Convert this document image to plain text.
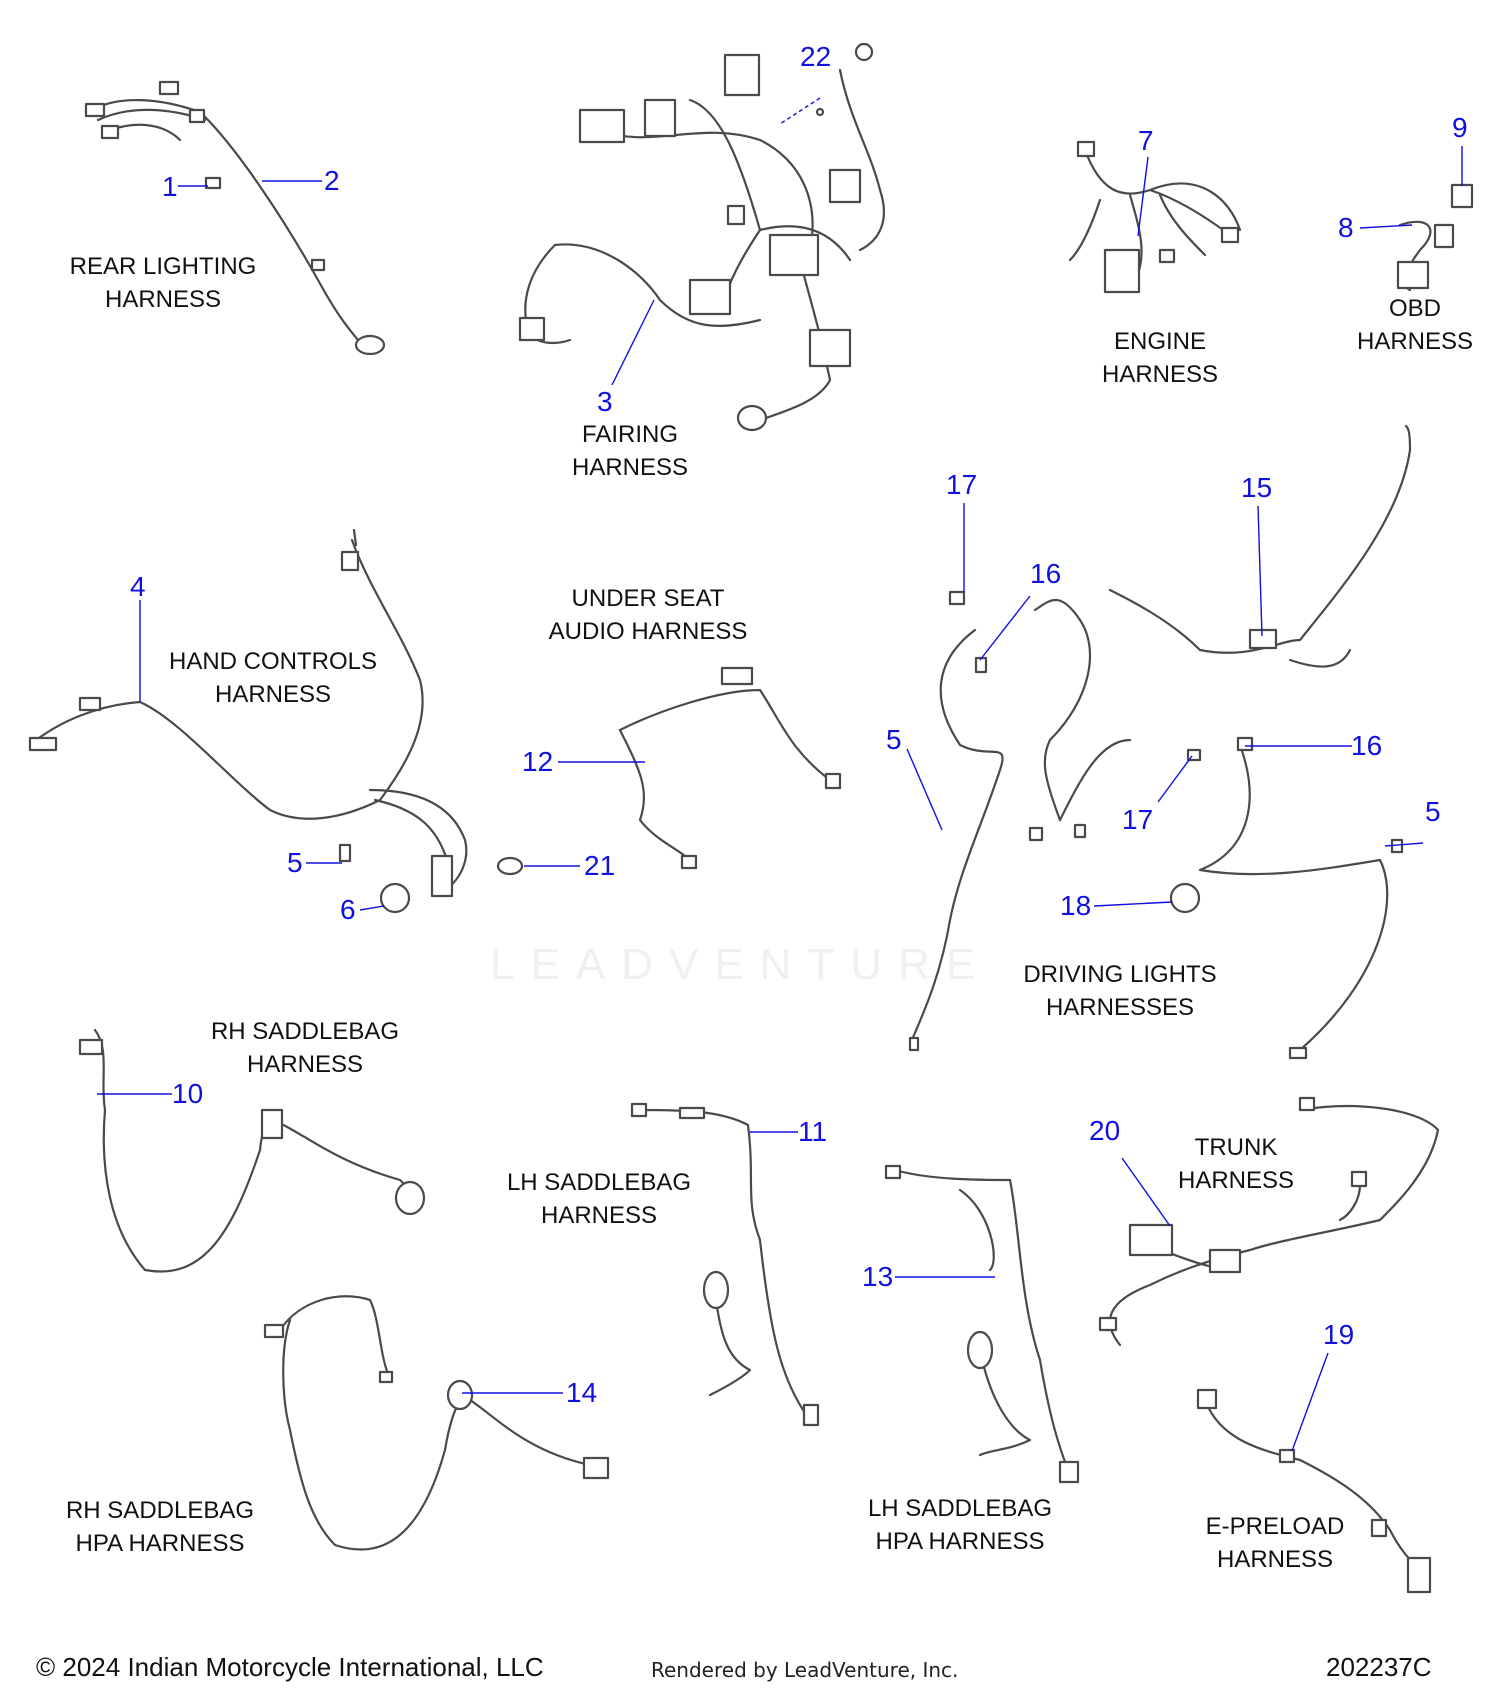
REAR LIGHTING
HARNESS
FAIRING
HARNESS
ENGINE
HARNESS
OBD
HARNESS
HAND CONTROLS
HARNESS
UNDER SEAT
AUDIO HARNESS
DRIVING LIGHTS
HARNESSES
RH SADDLEBAG
HARNESS
LH SADDLEBAG
HARNESS
TRUNK
HARNESS
RH SADDLEBAG
HPA HARNESS
LH SADDLEBAG
HPA HARNESS
E-PRELOAD
HARNESS
1	2
3
4
5
5
5
6
7
8
9
10
11
12
13
14
15
16
16
17
17
18
19
20
21
22
LEADVENTURE
© 2024 Indian Motorcycle International, LLC	Rendered by LeadVenture, Inc.	202237C
